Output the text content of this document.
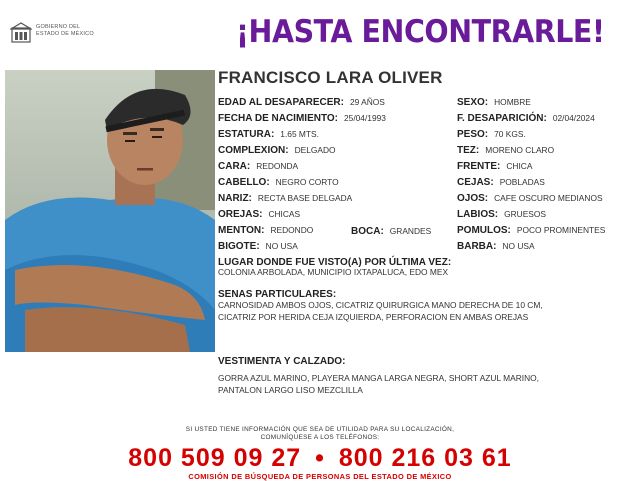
GOBIERNO DEL
ESTADO DE MÉXICO	¡HASTA ENCONTRARLE!
FRANCISCO LARA OLIVER
EDAD AL DESAPARECER: 29 AÑOS
FECHA DE NACIMIENTO: 25/04/1993
ESTATURA: 1.65 MTS.
COMPLEXION: DELGADO
CARA: REDONDA
CABELLO: NEGRO CORTO
NARIZ: RECTA BASE DELGADA
OREJAS: CHICAS
MENTON: REDONDO
BIGOTE: NO USA
BOCA: GRANDES
SEXO: HOMBRE
F. DESAPARICIÓN: 02/04/2024
PESO: 70 KGS.
TEZ: MORENO CLARO
FRENTE: CHICA
CEJAS: POBLADAS
OJOS: CAFE OSCURO MEDIANOS
LABIOS: GRUESOS
POMULOS: POCO PROMINENTES
BARBA: NO USA
LUGAR DONDE FUE VISTO(A) POR ÚLTIMA VEZ:
COLONIA ARBOLADA, MUNICIPIO IXTAPALUCA, EDO MEX
SENAS PARTICULARES:
CARNOSIDAD AMBOS OJOS, CICATRIZ QUIRURGICA MANO DERECHA DE 10 CM,
CICATRIZ POR HERIDA CEJA IZQUIERDA, PERFORACION EN AMBAS OREJAS
VESTIMENTA Y CALZADO:
GORRA AZUL MARINO, PLAYERA MANGA LARGA NEGRA, SHORT AZUL MARINO,
PANTALON LARGO LISO MEZCLILLA
SI USTED TIENE INFORMACIÓN QUE SEA DE UTILIDAD PARA SU LOCALIZACIÓN,
COMUNÍQUESE A LOS TELÉFONOS:
800 509 09 27 • 800 216 03 61
COMISIÓN DE BÚSQUEDA DE PERSONAS DEL ESTADO DE MÉXICO
